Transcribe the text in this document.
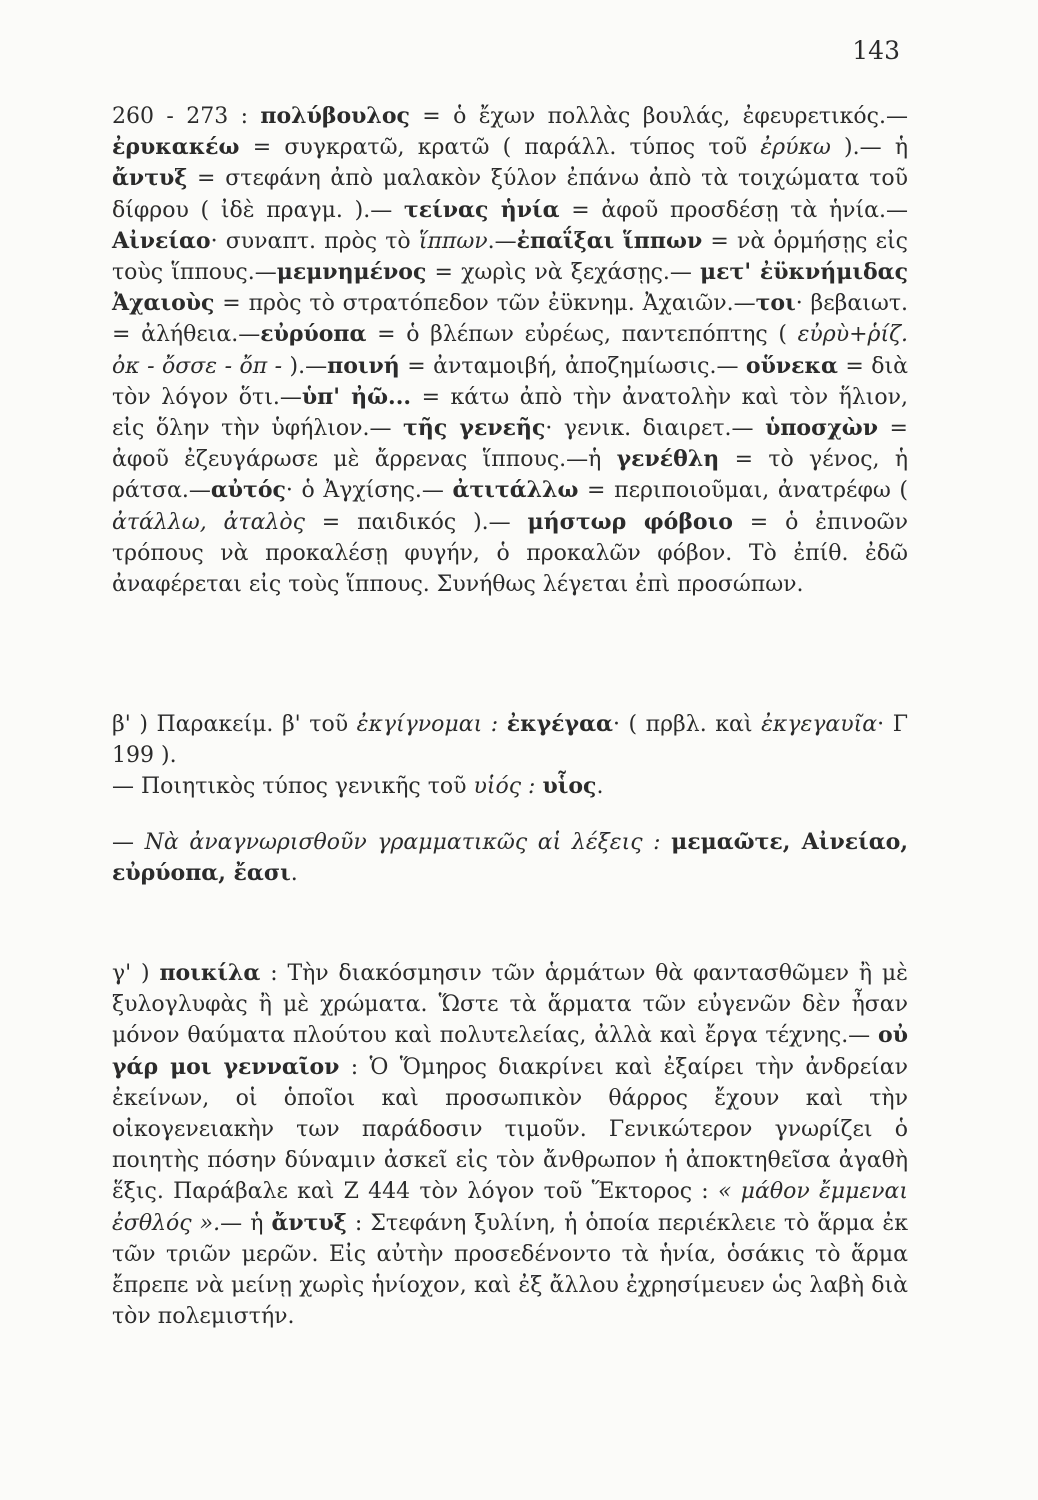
143
260 - 273 : πολύβουλος = ὁ ἔχων πολλὰς βουλάς, ἐφευρετικός.— ἐρυκακέω = συγκρατῶ, κρατῶ ( παράλλ. τύπος τοῦ ἐρύκω ).— ἡ ἄντυξ = στεφάνη ἀπὸ μαλακὸν ξύλον ἐπάνω ἀπὸ τὰ τοιχώματα τοῦ δίφρου ( ἰδὲ πραγμ. ).— τείνας ἡνία = ἀφοῦ προσδέσῃ τὰ ἡνία.— Αἰνείαο· συναπτ. πρὸς τὸ ἵππων.—ἐπαΐξαι ἵππων = νὰ ὁρμήσῃς εἰς τοὺς ἵππους.—μεμνημένος = χωρὶς νὰ ξεχάσῃς.— μετ' ἐϋκνήμιδας Ἀχαιοὺς = πρὸς τὸ στρατόπεδον τῶν ἐϋκνημ. Ἀχαιῶν.—τοι· βεβαιωτ. = ἀλήθεια.—εὐρύοπα = ὁ βλέπων εὐρέως, παντεπόπτης ( εὐρὺ+ῥίζ. ὀκ - ὄσσε - ὄπ - ).—ποινή = ἀνταμοιβή, ἀποζημίωσις.— οὕνεκα = διὰ τὸν λόγον ὅτι.—ὑπ' ἠῶ... = κάτω ἀπὸ τὴν ἀνατολὴν καὶ τὸν ἥλιον, εἰς ὅλην τὴν ὑφήλιον.— τῆς γενεῆς· γενικ. διαιρετ.— ὑποσχὼν = ἀφοῦ ἐζευγάρωσε μὲ ἄρρενας ἵππους.—ἡ γενέθλη = τὸ γένος, ἡ ράτσα.—αὐτός· ὁ Ἀγχίσης.— ἀτιτάλλω = περιποιοῦμαι, ἀνατρέφω ( ἀτάλλω, ἀταλὸς = παιδικός ).— μήστωρ φόβοιο = ὁ ἐπινοῶν τρόπους νὰ προκαλέσῃ φυγήν, ὁ προκαλῶν φόβον. Τὸ ἐπίθ. ἐδῶ ἀναφέρεται εἰς τοὺς ἵππους. Συνήθως λέγεται ἐπὶ προσώπων.

β' ) Παρακείμ. β' τοῦ ἐκγίγνομαι : ἐκγέγαα· ( πρβλ. καὶ ἐκγεγαυῖα· Γ 199 ).

— Ποιητικὸς τύπος γενικῆς τοῦ υἱός : υἷος.

— Νὰ ἀναγνωρισθοῦν γραμματικῶς αἱ λέξεις : μεμαῶτε, Αἰνείαο, εὐρύοπα, ἔασι.

γ' ) ποικίλα : Τὴν διακόσμησιν τῶν ἁρμάτων θὰ φαντασθῶμεν ἢ μὲ ξυλογλυφὰς ἢ μὲ χρώματα. Ὥστε τὰ ἅρματα τῶν εὐγενῶν δὲν ἦσαν μόνον θαύματα πλούτου καὶ πολυτελείας, ἀλλὰ καὶ ἔργα τέχνης.— οὐ γάρ μοι γενναῖον : Ὁ Ὅμηρος διακρίνει καὶ ἐξαίρει τὴν ἀνδρείαν ἐκείνων, οἱ ὁποῖοι καὶ προσωπικὸν θάρρος ἔχουν καὶ τὴν οἰκογενειακὴν των παράδοσιν τιμοῦν. Γενικώτερον γνωρίζει ὁ ποιητὴς πόσην δύναμιν ἀσκεῖ εἰς τὸν ἄνθρωπον ἡ ἀποκτηθεῖσα ἀγαθὴ ἕξις. Παράβαλε καὶ Ζ 444 τὸν λόγον τοῦ Ἕκτορος : « μάθον ἔμμεναι ἐσθλός ».— ἡ ἄντυξ : Στεφάνη ξυλίνη, ἡ ὁποία περιέκλειε τὸ ἅρμα ἐκ τῶν τριῶν μερῶν. Εἰς αὐτὴν προσεδένοντο τὰ ἡνία, ὁσάκις τὸ ἅρμα ἔπρεπε νὰ μείνῃ χωρὶς ἡνίοχον, καὶ ἐξ ἄλλου ἐχρησίμευεν ὡς λαβὴ διὰ τὸν πολεμιστήν.
